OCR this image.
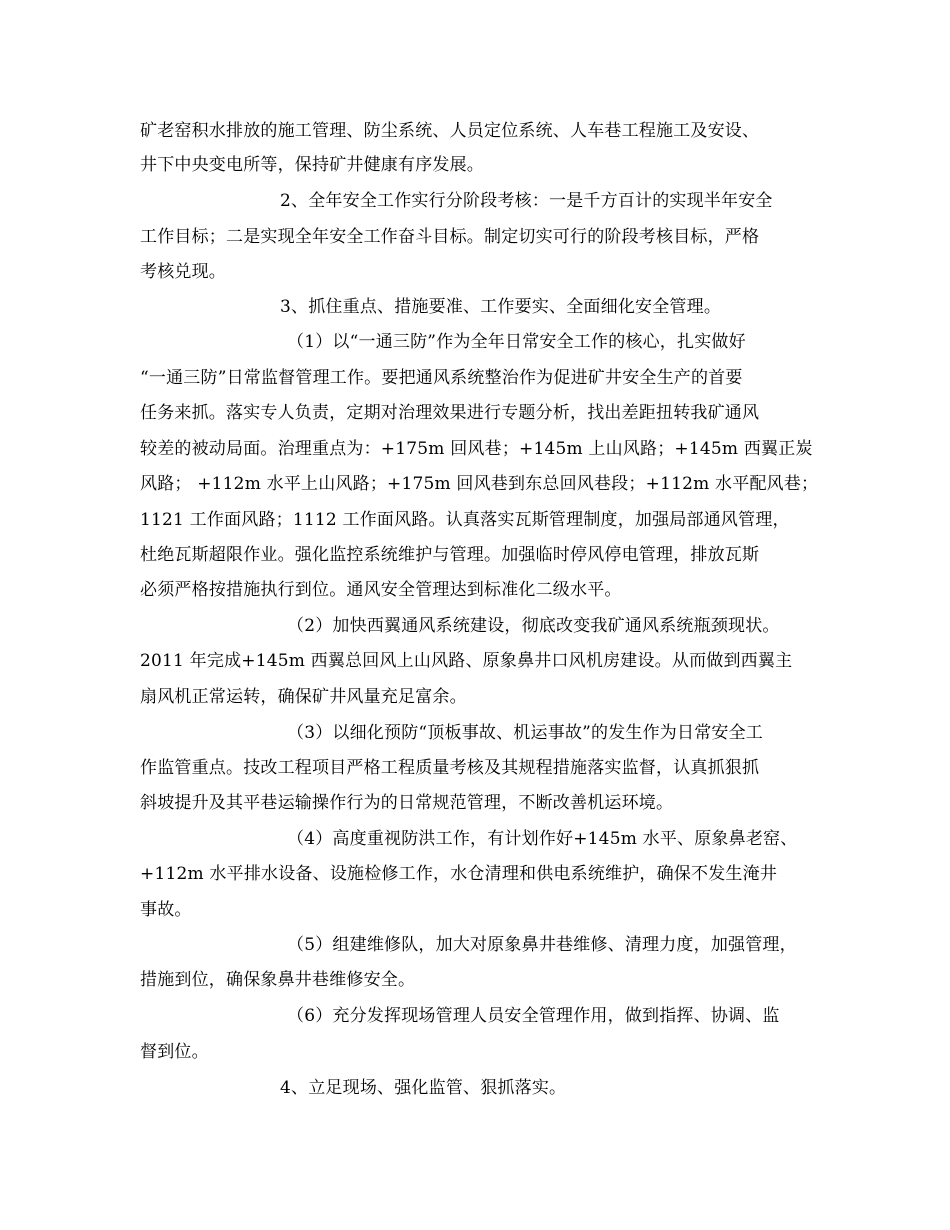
矿老窑积水排放的施工管理、防尘系统、人员定位系统、人车巷工程施工及安设、
井下中央变电所等，保持矿井健康有序发展。
2、全年安全工作实行分阶段考核：一是千方百计的实现半年安全
工作目标；二是实现全年安全工作奋斗目标。制定切实可行的阶段考核目标，严格
考核兑现。
3、抓住重点、措施要准、工作要实、全面细化安全管理。
（1）以“一通三防”作为全年日常安全工作的核心，扎实做好
“一通三防”日常监督管理工作。要把通风系统整治作为促进矿井安全生产的首要
任务来抓。落实专人负责，定期对治理效果进行专题分析，找出差距扭转我矿通风
较差的被动局面。治理重点为：+175m 回风巷；+145m 上山风路；+145m 西翼正炭
风路； +112m 水平上山风路；+175m 回风巷到东总回风巷段；+112m 水平配风巷；
1121 工作面风路；1112 工作面风路。认真落实瓦斯管理制度，加强局部通风管理，
杜绝瓦斯超限作业。强化监控系统维护与管理。加强临时停风停电管理，排放瓦斯
必须严格按措施执行到位。通风安全管理达到标准化二级水平。
（2）加快西翼通风系统建设，彻底改变我矿通风系统瓶颈现状。
2011 年完成+145m 西翼总回风上山风路、原象鼻井口风机房建设。从而做到西翼主
扇风机正常运转，确保矿井风量充足富余。
（3）以细化预防“顶板事故、机运事故”的发生作为日常安全工
作监管重点。技改工程项目严格工程质量考核及其规程措施落实监督，认真抓狠抓
斜坡提升及其平巷运输操作行为的日常规范管理，不断改善机运环境。
（4）高度重视防洪工作，有计划作好+145m 水平、原象鼻老窑、
+112m 水平排水设备、设施检修工作，水仓清理和供电系统维护，确保不发生淹井
事故。
（5）组建维修队，加大对原象鼻井巷维修、清理力度，加强管理，
措施到位，确保象鼻井巷维修安全。
（6）充分发挥现场管理人员安全管理作用，做到指挥、协调、监
督到位。
4、立足现场、强化监管、狠抓落实。
